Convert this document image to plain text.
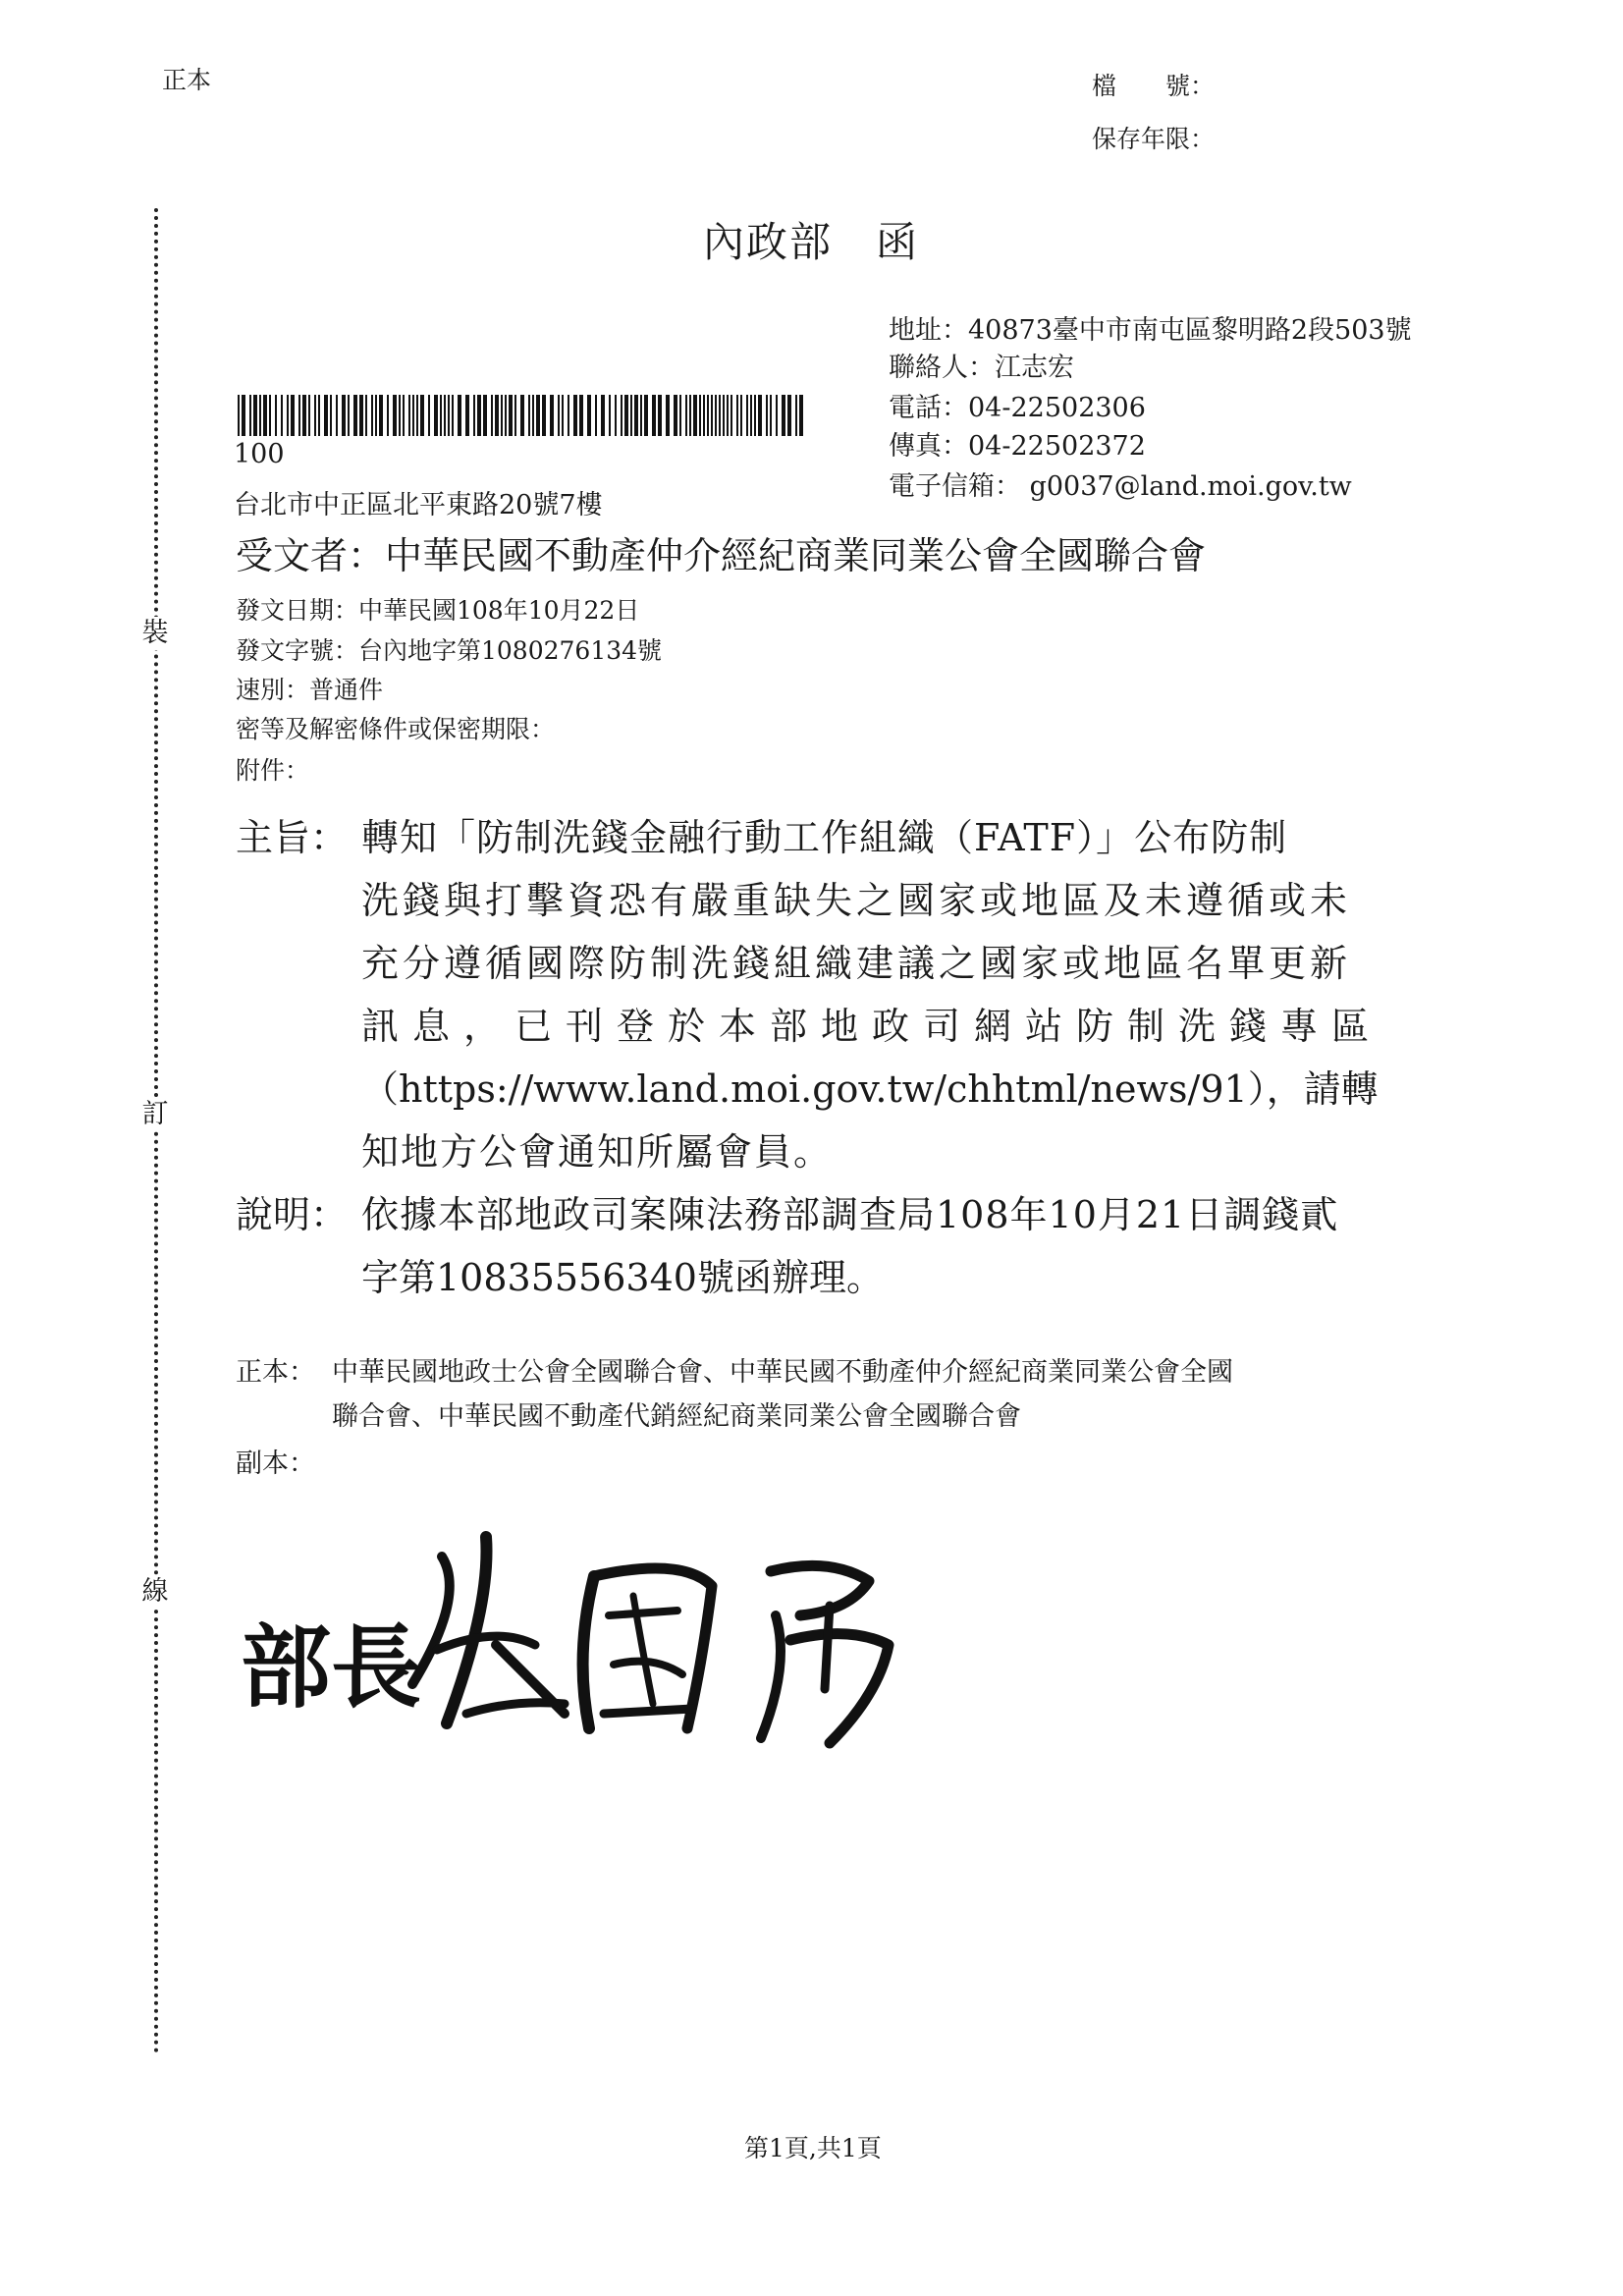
正本	檔　　號：
保存年限：
裝
訂
線
內政部　函
地址：40873臺中市南屯區黎明路2段503號
聯絡人：江志宏
電話：04-22502306
傳真：04-22502372
電子信箱： g0037@land.moi.gov.tw
100
台北市中正區北平東路20號7樓
受文者：中華民國不動產仲介經紀商業同業公會全國聯合會
發文日期：中華民國108年10月22日
發文字號：台內地字第1080276134號
速別：普通件
密等及解密條件或保密期限：
附件：
主旨： 轉知「防制洗錢金融行動工作組織（FATF）」公布防制
洗錢與打擊資恐有嚴重缺失之國家或地區及未遵循或未
充分遵循國際防制洗錢組織建議之國家或地區名單更新
訊息，已刊登於本部地政司網站防制洗錢專區
（https://www.land.moi.gov.tw/chhtml/news/91），請轉
知地方公會通知所屬會員。
說明： 依據本部地政司案陳法務部調查局108年10月21日調錢貳
字第10835556340號函辦理。
正本： 中華民國地政士公會全國聯合會、中華民國不動產仲介經紀商業同業公會全國
聯合會、中華民國不動產代銷經紀商業同業公會全國聯合會
副本：
部長
第1頁,共1頁
